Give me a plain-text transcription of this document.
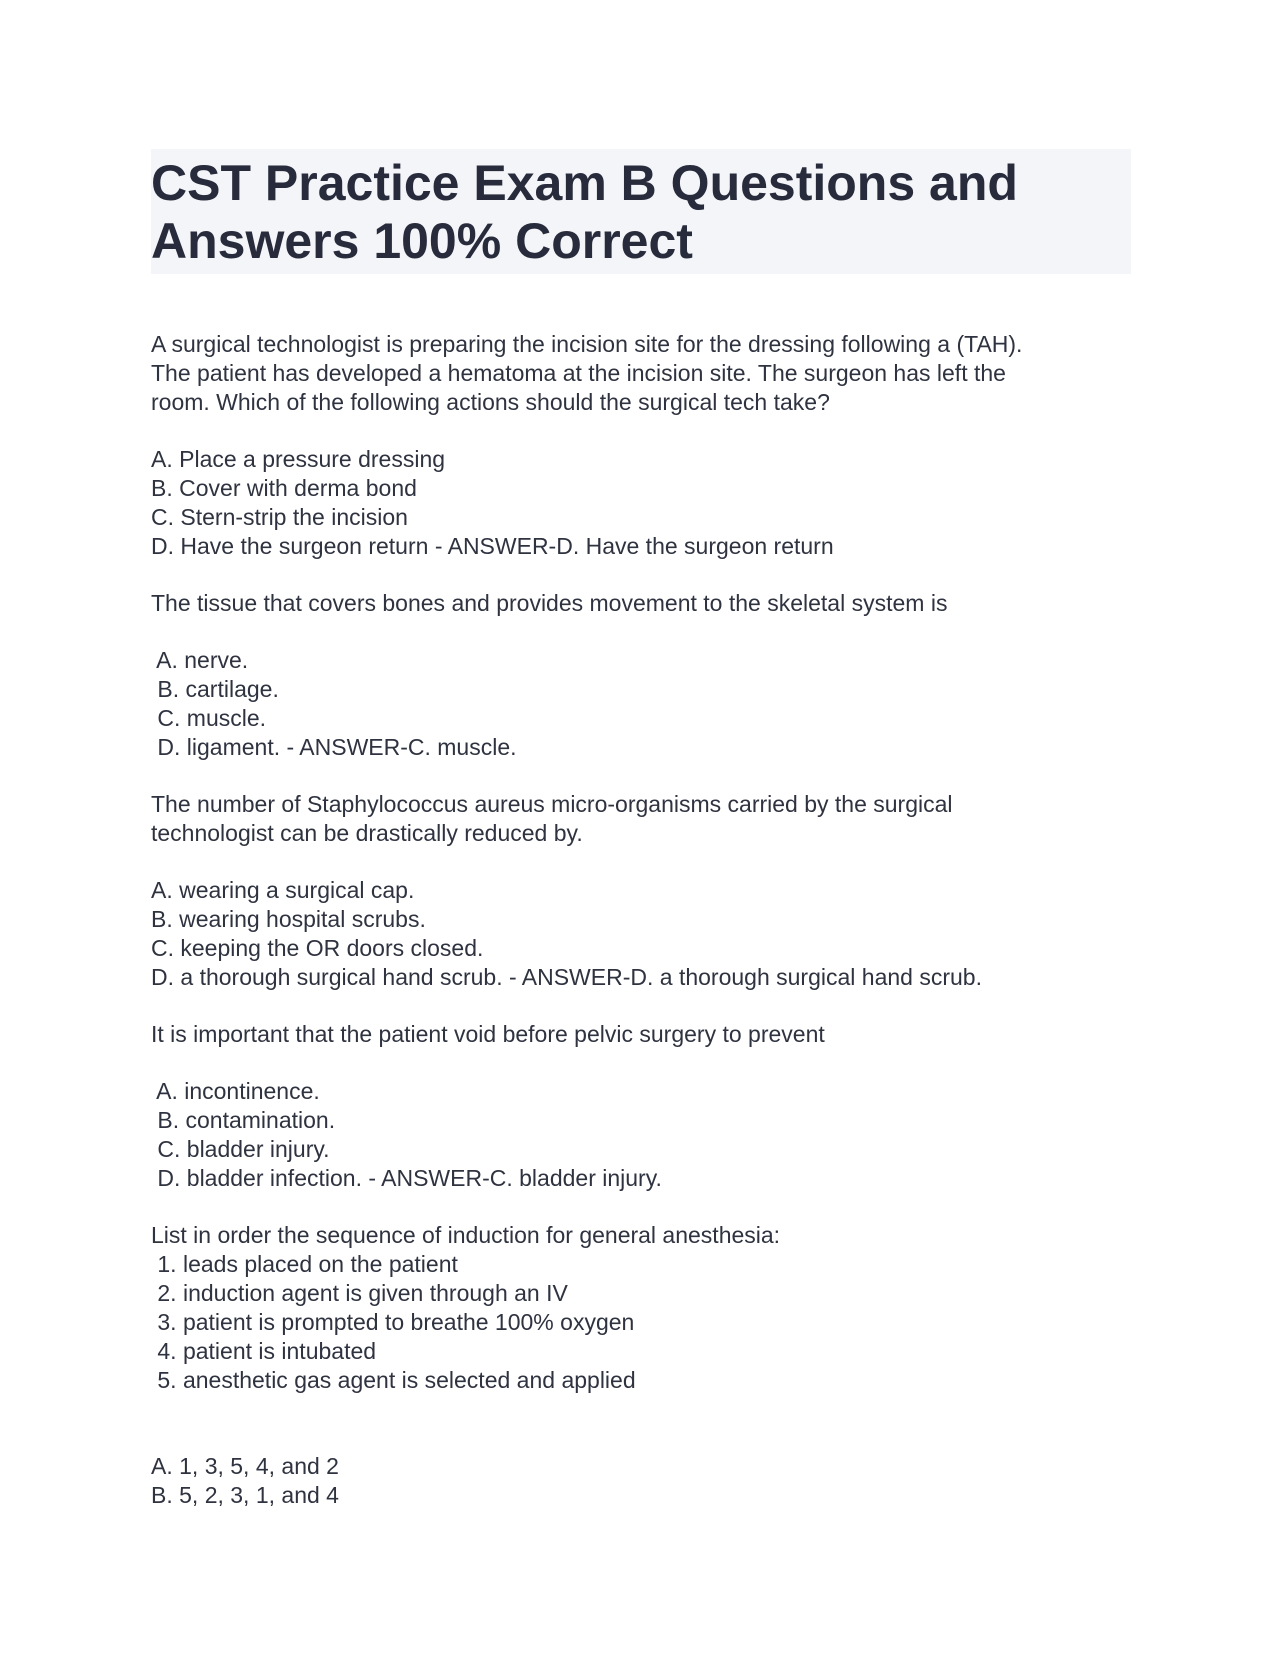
CST Practice Exam B Questions and Answers 100% Correct
A surgical technologist is preparing the incision site for the dressing following a (TAH).
The patient has developed a hematoma at the incision site. The surgeon has left the
room. Which of the following actions should the surgical tech take?
A. Place a pressure dressing
B. Cover with derma bond
C. Stern-strip the incision
D. Have the surgeon return - ANSWER-D. Have the surgeon return
The tissue that covers bones and provides movement to the skeletal system is
A. nerve.
B. cartilage.
C. muscle.
D. ligament. - ANSWER-C. muscle.
The number of Staphylococcus aureus micro-organisms carried by the surgical
technologist can be drastically reduced by.
A. wearing a surgical cap.
B. wearing hospital scrubs.
C. keeping the OR doors closed.
D. a thorough surgical hand scrub. - ANSWER-D. a thorough surgical hand scrub.
It is important that the patient void before pelvic surgery to prevent
A. incontinence.
B. contamination.
C. bladder injury.
D. bladder infection. - ANSWER-C. bladder injury.
List in order the sequence of induction for general anesthesia:
1. leads placed on the patient
2. induction agent is given through an IV
3. patient is prompted to breathe 100% oxygen
4. patient is intubated
5. anesthetic gas agent is selected and applied
A. 1, 3, 5, 4, and 2
B. 5, 2, 3, 1, and 4
